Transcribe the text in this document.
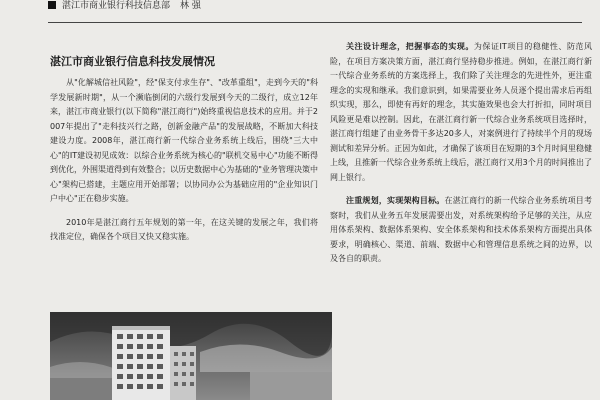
湛江市商业银行科技信息部 林 强
湛江市商业银行信息科技发展情况

从"化解城信社风险"，经"保支付求生存"、"改革重组"，走到今天的"科学发展新时期"，从一个濒临倒闭的六级行发展到今天的二级行，成立12年来，湛江市商业银行(以下简称"湛江商行")始终重视信息技术的应用。并于2007年提出了"走科技兴行之路，创新金融产品"的发展战略，不断加大科技建设力度。2008年，湛江商行新一代综合业务系统上线后，围绕"三大中心"的IT建设初见成效：以综合业务系统为核心的"联机交易中心"功能不断得到优化，外围渠道得到有效整合；以历史数据中心为基础的"业务管理决策中心"架构已搭建，主题应用开始部署；以协同办公为基础应用的"企业知识门户中心"正在稳步实施。

2010年是湛江商行五年规划的第一年，在这关键的发展之年，我们将找准定位，确保各个项目又快又稳实施。

关注设计理念，把握事态的实现。为保证IT项目的稳健性、防范风险，在项目方案决策方面，湛江商行坚持稳步推进。例如，在湛江商行新一代综合业务系统的方案选择上，我们除了关注理念的先进性外，更注重理念的实现和继承。我们意识到，如果需要业务人员逐个提出需求后再组织实现，那么，即使有再好的理念，其实施效果也会大打折扣，同时项目风险更是难以控制。因此，在湛江商行新一代综合业务系统项目选择时，湛江商行组建了由业务骨干多达20多人，对案例进行了持续半个月的现场测试和差异分析。正因为如此，才确保了该项目在短期的3个月时间里稳健上线，且推新一代综合业务系统上线后，湛江商行又用3个月的时间推出了网上银行。

注重规划，实现架构目标。在湛江商行的新一代综合业务系统项目考察时，我们从业务五年发展需要出发，对系统架构给予足够的关注，从应用体系架构、数据体系架构、安全体系架构和技术体系架构方面提出具体要求，明确核心、渠道、前端、数据中心和管理信息系统之间的边界，以及各自的职责。
